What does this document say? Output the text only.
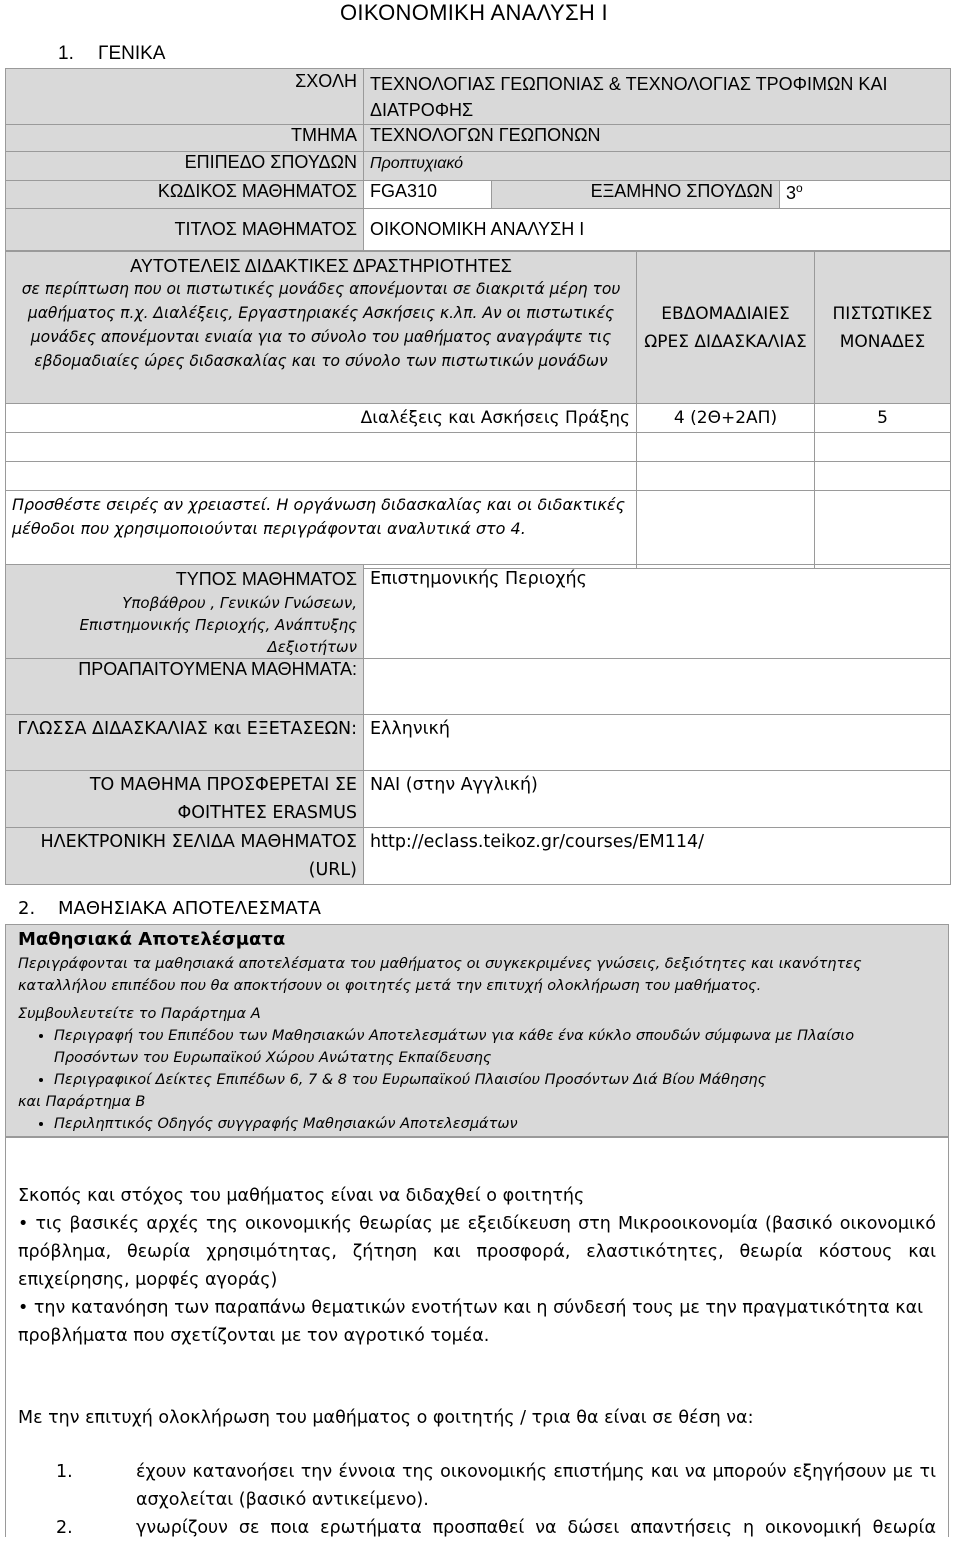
ΟΙΚΟΝΟΜΙΚΗ ΑΝΑΛΥΣΗ Ι
1. ΓΕΝΙΚΑ
ΣΧΟΛΗ	ΤΕΧΝΟΛΟΓΙΑΣ ΓΕΩΠΟΝΙΑΣ & ΤΕΧΝΟΛΟΓΙΑΣ ΤΡΟΦΙΜΩΝ ΚΑΙ ΔΙΑΤΡΟΦΗΣ		
ΤΜΗΜΑ	ΤΕΧΝΟΛΟΓΩΝ ΓΕΩΠΟΝΩΝ		
ΕΠΙΠΕΔΟ ΣΠΟΥΔΩΝ	Προπτυχιακό		
ΚΩΔΙΚΟΣ ΜΑΘΗΜΑΤΟΣ	FGA310	ΕΞΑΜΗΝΟ ΣΠΟΥΔΩΝ	$3^o$
ΤΙΤΛΟΣ ΜΑΘΗΜΑΤΟΣ	ΟΙΚΟΝΟΜΙΚΗ ΑΝΑΛΥΣΗ Ι		
ΑΥΤΟΤΕΛΕΙΣ ΔΙΔΑΚΤΙΚΕΣ ΔΡΑΣΤΗΡΙΟΤΗΤΕΣ
σε περίπτωση που οι πιστωτικές μονάδες απονέμονται σε διακριτά μέρη του μαθήματος π.χ. Διαλέξεις, Εργαστηριακές Ασκήσεις κ.λπ. Αν οι πιστωτικές μονάδες απονέμονται ενιαία για το σύνολο του μαθήματος αναγράψτε τις εβδομαδιαίες ώρες διδασκαλίας και το σύνολο των πιστωτικών μονάδων	ΕΒΔΟΜΑΔΙΑΙΕΣ ΩΡΕΣ ΔΙΔΑΣΚΑΛΙΑΣ	ΠΙΣΤΩΤΙΚΕΣ ΜΟΝΑΔΕΣ
Διαλέξεις και Ασκήσεις Πράξης	4 (2Θ+2ΑΠ)	5

Προσθέστε σειρές αν χρειαστεί. Η οργάνωση διδασκαλίας και οι διδακτικές μέθοδοι που χρησιμοποιούνται περιγράφονται αναλυτικά στο 4.		
ΤΥΠΟΣ ΜΑΘΗΜΑΤΟΣ
Υποβάθρου , Γενικών Γνώσεων, Επιστημονικής Περιοχής, Ανάπτυξης Δεξιοτήτων	Επιστημονικής Περιοχής
ΠΡΟΑΠΑΙΤΟΥΜΕΝΑ ΜΑΘΗΜΑΤΑ:	
ΓΛΩΣΣΑ ΔΙΔΑΣΚΑΛΙΑΣ και ΕΞΕΤΑΣΕΩΝ:	Ελληνική
ΤΟ ΜΑΘΗΜΑ ΠΡΟΣΦΕΡΕΤΑΙ ΣΕ ΦΟΙΤΗΤΕΣ ERASMUS	ΝΑΙ (στην Αγγλική)
ΗΛΕΚΤΡΟΝΙΚΗ ΣΕΛΙΔΑ ΜΑΘΗΜΑΤΟΣ (URL)	http://eclass.teikoz.gr/courses/EM114/
2. ΜΑΘΗΣΙΑΚΑ ΑΠΟΤΕΛΕΣΜΑΤΑ
Μαθησιακά Αποτελέσματα
Περιγράφονται τα μαθησιακά αποτελέσματα του μαθήματος οι συγκεκριμένες γνώσεις, δεξιότητες και ικανότητες καταλλήλου επιπέδου που θα αποκτήσουν οι φοιτητές μετά την επιτυχή ολοκλήρωση του μαθήματος.
Συμβουλευτείτε το Παράρτημα Α
• Περιγραφή του Επιπέδου των Μαθησιακών Αποτελεσμάτων για κάθε ένα κύκλο σπουδών σύμφωνα με Πλαίσιο Προσόντων του Ευρωπαϊκού Χώρου Ανώτατης Εκπαίδευσης
• Περιγραφικοί Δείκτες Επιπέδων 6, 7 & 8 του Ευρωπαϊκού Πλαισίου Προσόντων Διά Βίου Μάθησης
και Παράρτημα Β
• Περιληπτικός Οδηγός συγγραφής Μαθησιακών Αποτελεσμάτων
Σκοπός και στόχος του μαθήματος είναι να διδαχθεί ο φοιτητής
• τις βασικές αρχές της οικονομικής θεωρίας με εξειδίκευση στη Μικροοικονομία (βασικό οικονομικό πρόβλημα, θεωρία χρησιμότητας, ζήτηση και προσφορά, ελαστικότητες, θεωρία κόστους και επιχείρησης, μορφές αγοράς)
• την κατανόηση των παραπάνω θεματικών ενοτήτων και η σύνδεσή τους με την πραγματικότητα και προβλήματα που σχετίζονται με τον αγροτικό τομέα.
Με την επιτυχή ολοκλήρωση του μαθήματος ο φοιτητής / τρια θα είναι σε θέση να:
1.	έχουν κατανοήσει την έννοια της οικονομικής επιστήμης και να μπορούν εξηγήσουν με τι ασχολείται (βασικό αντικείμενο).
2.	γνωρίζουν σε ποια ερωτήματα προσπαθεί να δώσει απαντήσεις η οικονομική θεωρία
